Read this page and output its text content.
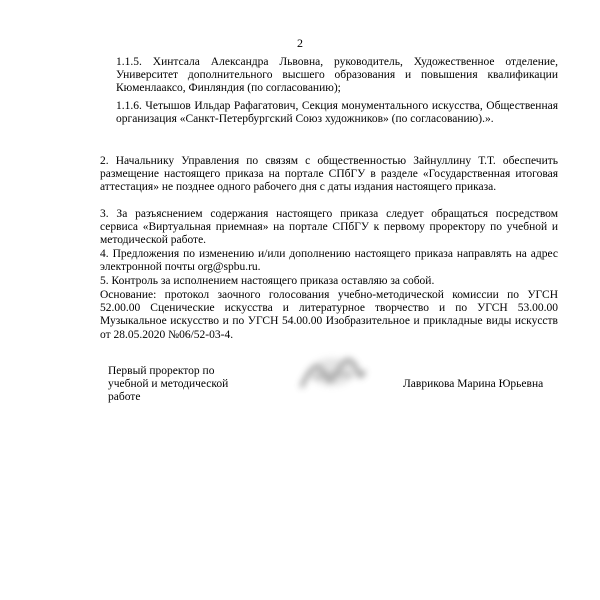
2

1.1.5. Хинтсала Александра Львовна, руководитель, Художественное отделение, Университет дополнительного высшего образования и повышения квалификации Кюменлааксо, Финляндия (по согласованию);

1.1.6. Четышов Ильдар Рафагатович, Секция монументального искусства, Общественная организация «Санкт-Петербургский Союз художников» (по согласованию).».

2. Начальнику Управления по связям с общественностью Зайнуллину Т.Т. обеспечить размещение настоящего приказа на портале СПбГУ в разделе «Государственная итоговая аттестация» не позднее одного рабочего дня с даты издания настоящего приказа.

3. За разъяснением содержания настоящего приказа следует обращаться посредством сервиса «Виртуальная приемная» на портале СПбГУ к первому проректору по учебной и методической работе.

4. Предложения по изменению и/или дополнению настоящего приказа направлять на адрес электронной почты org@spbu.ru.

5. Контроль за исполнением настоящего приказа оставляю за собой.

Основание: протокол заочного голосования учебно-методической комиссии по УГСН 52.00.00 Сценические искусства и литературное творчество и по УГСН 53.00.00 Музыкальное искусство и по УГСН 54.00.00 Изобразительное и прикладные виды искусств от 28.05.2020 №06/52-03-4.

Первый проректор по
учебной и методической
работе
Лаврикова Марина Юрьевна
